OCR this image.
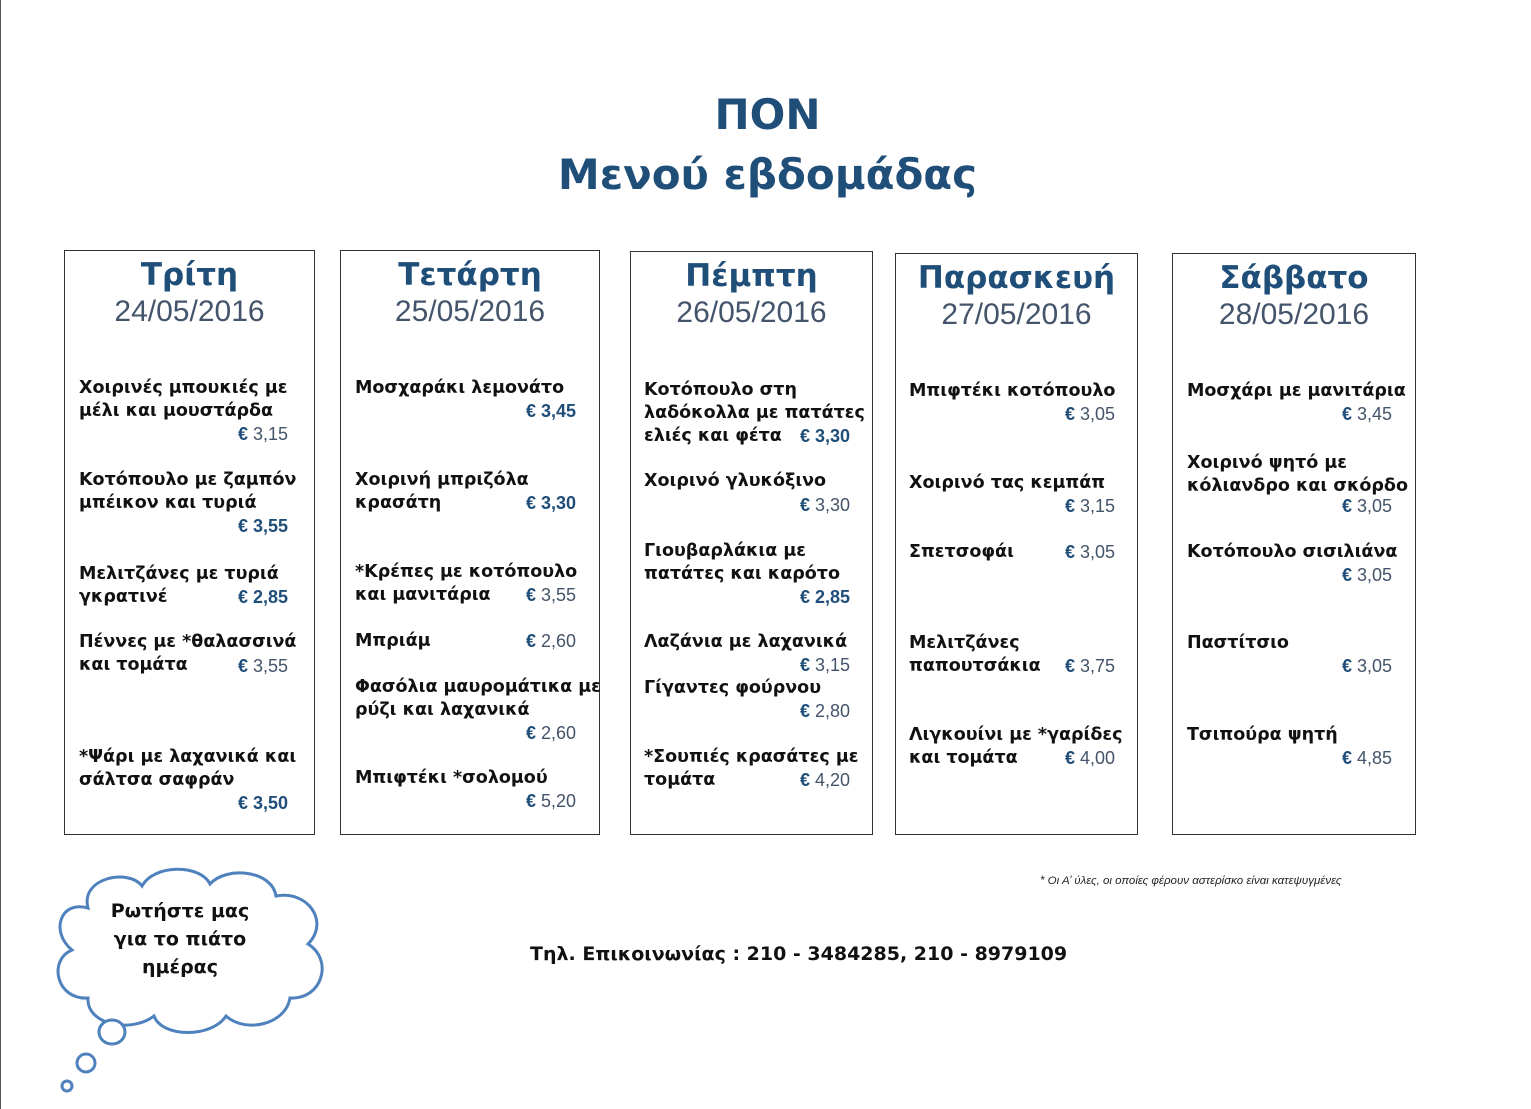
ΠΟΝ
Μενού εβδομάδας
Τρίτη
24/05/2016
Χοιρινές μπουκιές με
μέλι και μουστάρδα
€ 3,15
Κοτόπουλο με ζαμπόν
μπέικον και τυριά
€ 3,55
Μελιτζάνες με τυριά
γκρατινέ	€ 2,85
Πέννες με *θαλασσινά
και τομάτα	€ 3,55
*Ψάρι με λαχανικά και
σάλτσα σαφράν
€ 3,50
Τετάρτη
25/05/2016
Μοσχαράκι λεμονάτο
€ 3,45
Χοιρινή μπριζόλα
κρασάτη	€ 3,30
*Κρέπες με κοτόπουλο
και μανιτάρια	€ 3,55
Μπριάμ	€ 2,60
Φασόλια μαυρομάτικα με
ρύζι και λαχανικά
€ 2,60
Μπιφτέκι *σολομού
€ 5,20
Πέμπτη
26/05/2016
Κοτόπουλο στη
λαδόκολλα με πατάτες
ελιές και φέτα	€ 3,30
Χοιρινό γλυκόξινο
€ 3,30
Γιουβαρλάκια με
πατάτες και καρότο
€ 2,85
Λαζάνια με λαχανικά
€ 3,15
Γίγαντες φούρνου
€ 2,80
*Σουπιές κρασάτες με
τομάτα	€ 4,20
Παρασκευή
27/05/2016
Μπιφτέκι κοτόπουλο
€ 3,05
Χοιρινό τας κεμπάπ
€ 3,15
Σπετσοφάι	€ 3,05
Μελιτζάνες
παπουτσάκια € 3,75
Λιγκουίνι με *γαρίδες
και τομάτα	€ 4,00
Σάββατο
28/05/2016
Μοσχάρι με μανιτάρια
€ 3,45
Χοιρινό ψητό με
κόλιανδρο και σκόρδο
€ 3,05
Κοτόπουλο σισιλιάνα
€ 3,05
Παστίτσιο
€ 3,05
Τσιπούρα ψητή
€ 4,85
* Οι Α’ ύλες, οι οποίες φέρουν αστερίσκο είναι κατεψυγμένες
Τηλ. Επικοινωνίας : 210 - 3484285, 210 - 8979109
Ρωτήστε μας
για το πιάτο
ημέρας
